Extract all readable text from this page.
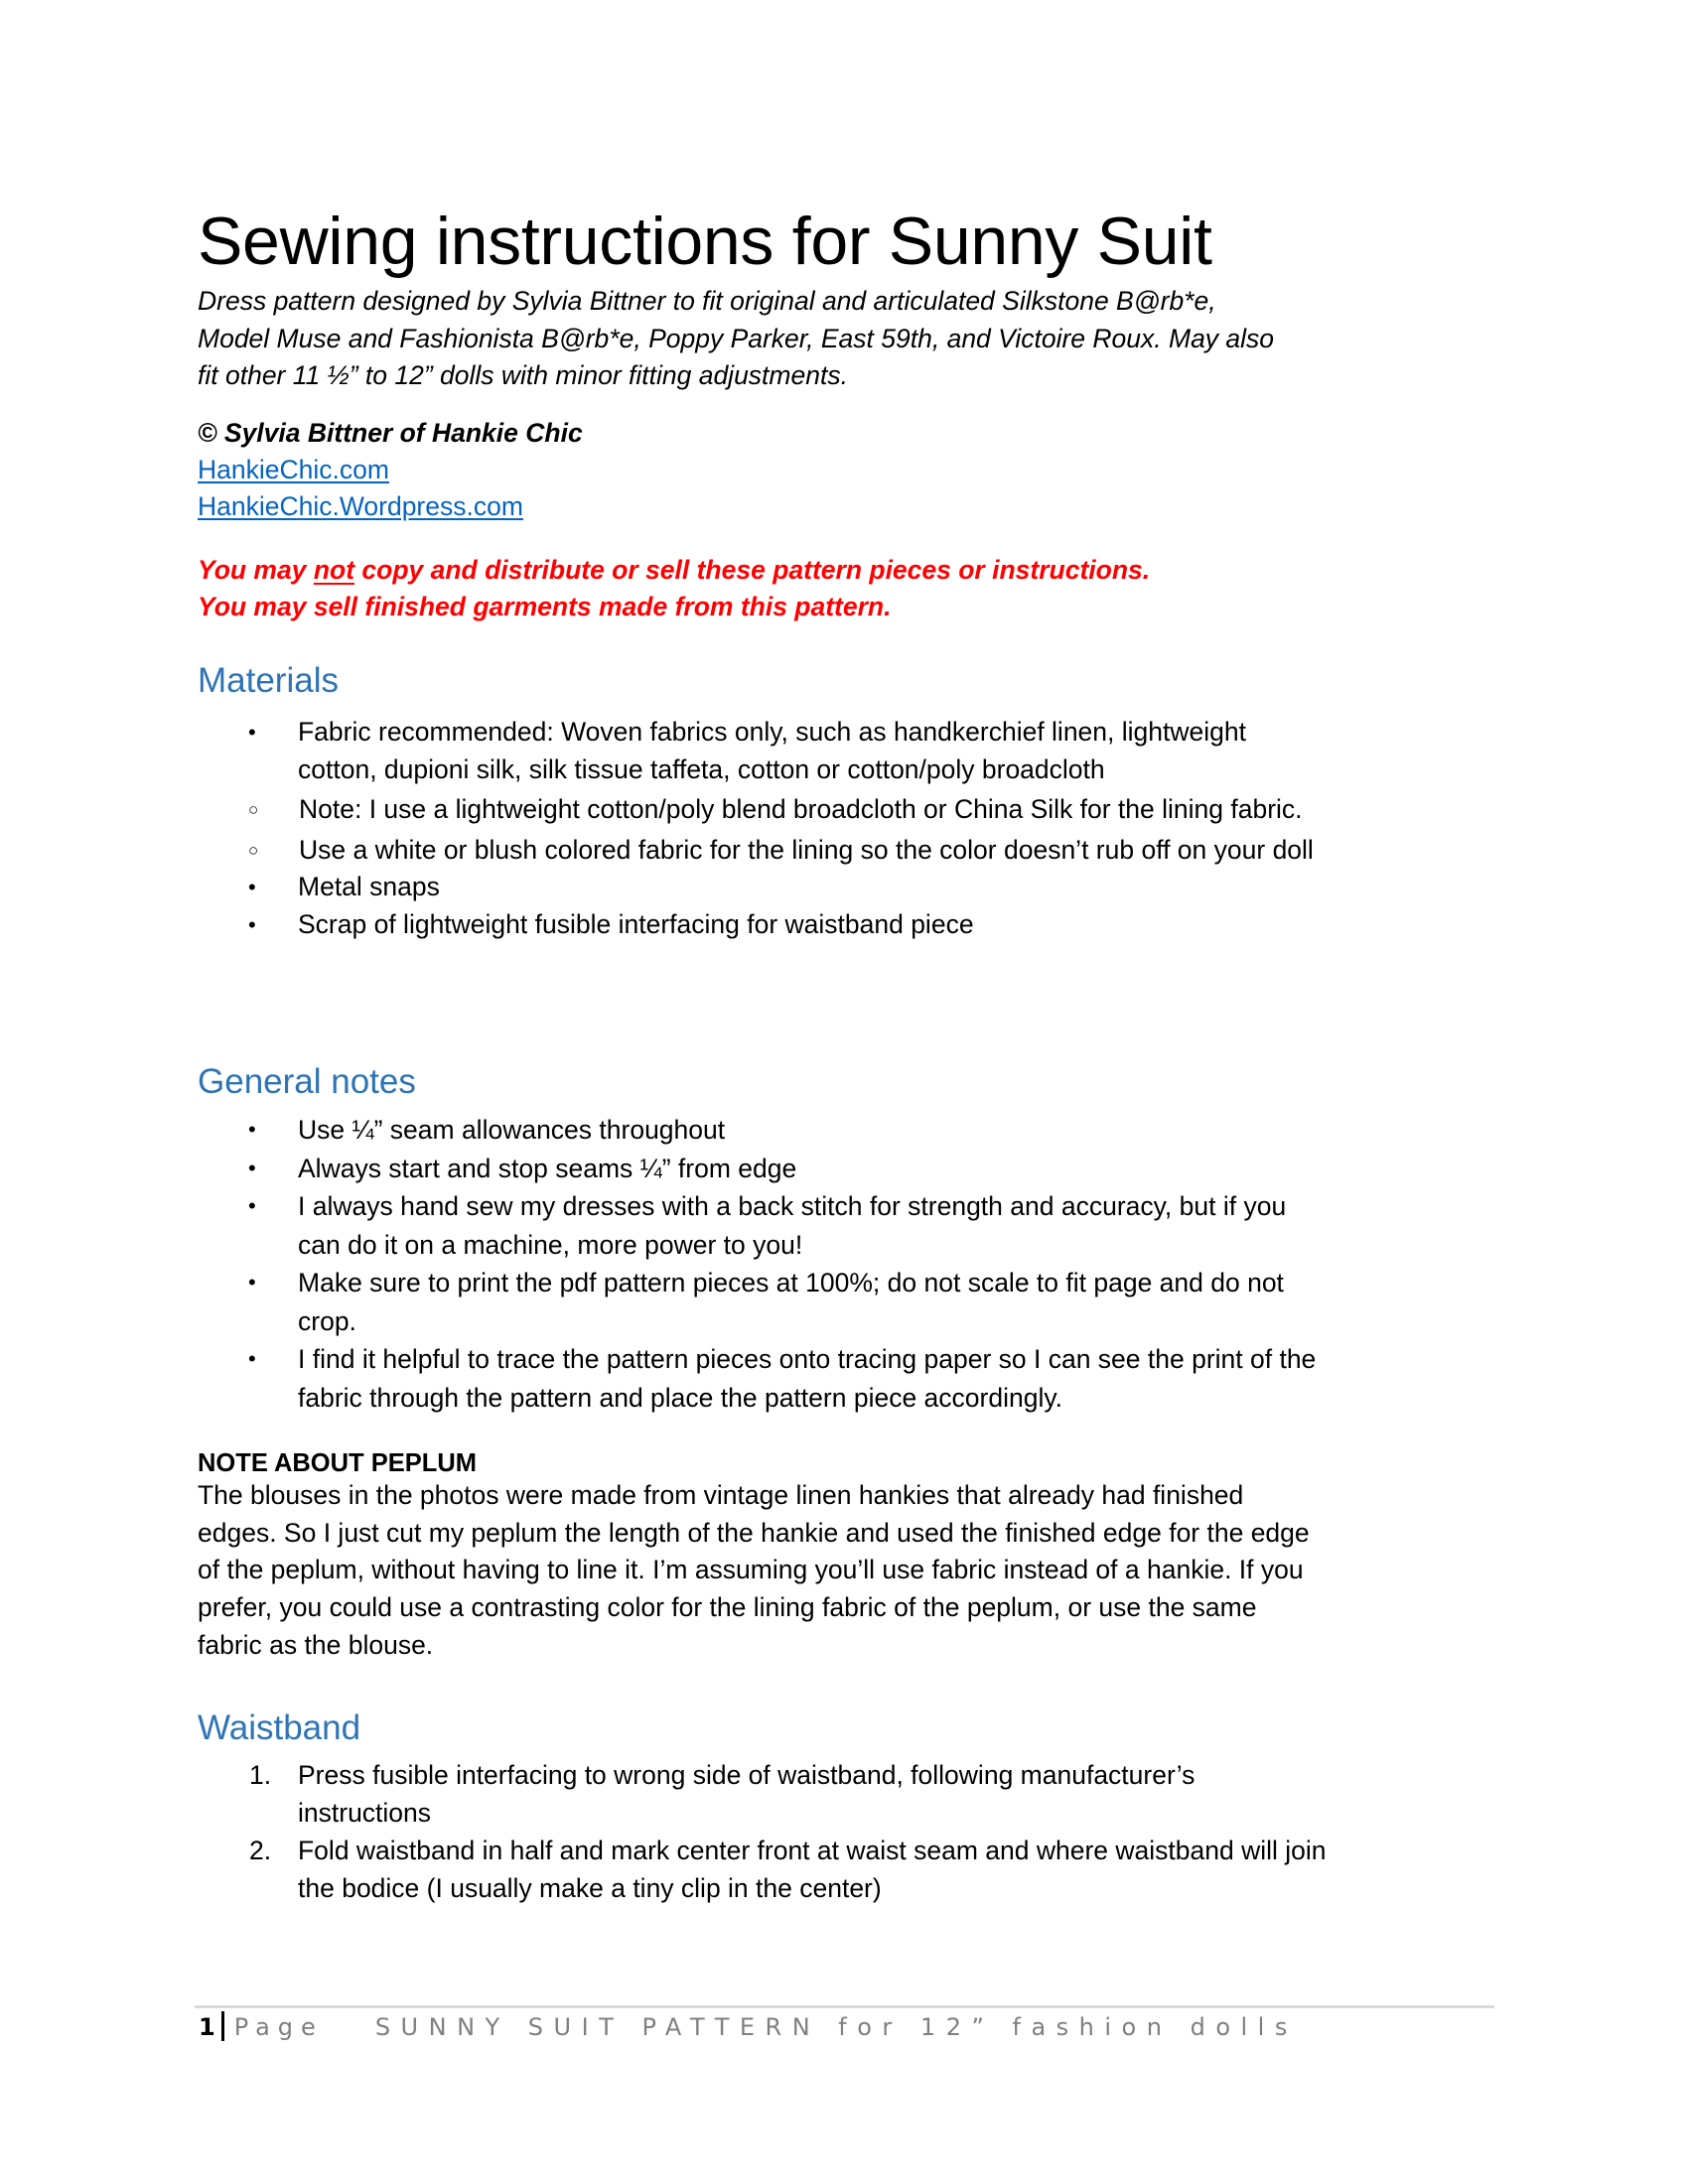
Sewing instructions for Sunny Suit
Dress pattern designed by Sylvia Bittner to fit original and articulated Silkstone B@rb*e,
Model Muse and Fashionista B@rb*e, Poppy Parker, East 59th, and Victoire Roux. May also
fit other 11 ½” to 12” dolls with minor fitting adjustments.
© Sylvia Bittner of Hankie Chic
HankieChic.com
HankieChic.Wordpress.com
You may not copy and distribute or sell these pattern pieces or instructions.
You may sell finished garments made from this pattern.
Materials
• Fabric recommended: Woven fabrics only, such as handkerchief linen, lightweight
cotton, dupioni silk, silk tissue taffeta, cotton or cotton/poly broadcloth
○ Note: I use a lightweight cotton/poly blend broadcloth or China Silk for the lining fabric.
○ Use a white or blush colored fabric for the lining so the color doesn’t rub off on your doll
• Metal snaps
• Scrap of lightweight fusible interfacing for waistband piece
General notes
• Use ¼” seam allowances throughout
• Always start and stop seams ¼” from edge
• I always hand sew my dresses with a back stitch for strength and accuracy, but if you
can do it on a machine, more power to you!
• Make sure to print the pdf pattern pieces at 100%; do not scale to fit page and do not
crop.
• I find it helpful to trace the pattern pieces onto tracing paper so I can see the print of the
fabric through the pattern and place the pattern piece accordingly.
NOTE ABOUT PEPLUM
The blouses in the photos were made from vintage linen hankies that already had finished
edges. So I just cut my peplum the length of the hankie and used the finished edge for the edge
of the peplum, without having to line it. I’m assuming you’ll use fabric instead of a hankie. If you
prefer, you could use a contrasting color for the lining fabric of the peplum, or use the same
fabric as the blouse.
Waistband
1. Press fusible interfacing to wrong side of waistband, following manufacturer’s
instructions
2. Fold waistband in half and mark center front at waist seam and where waistband will join
the bodice (I usually make a tiny clip in the center)
1 Page SUNNY SUIT PATTERN for 12” fashion dolls
